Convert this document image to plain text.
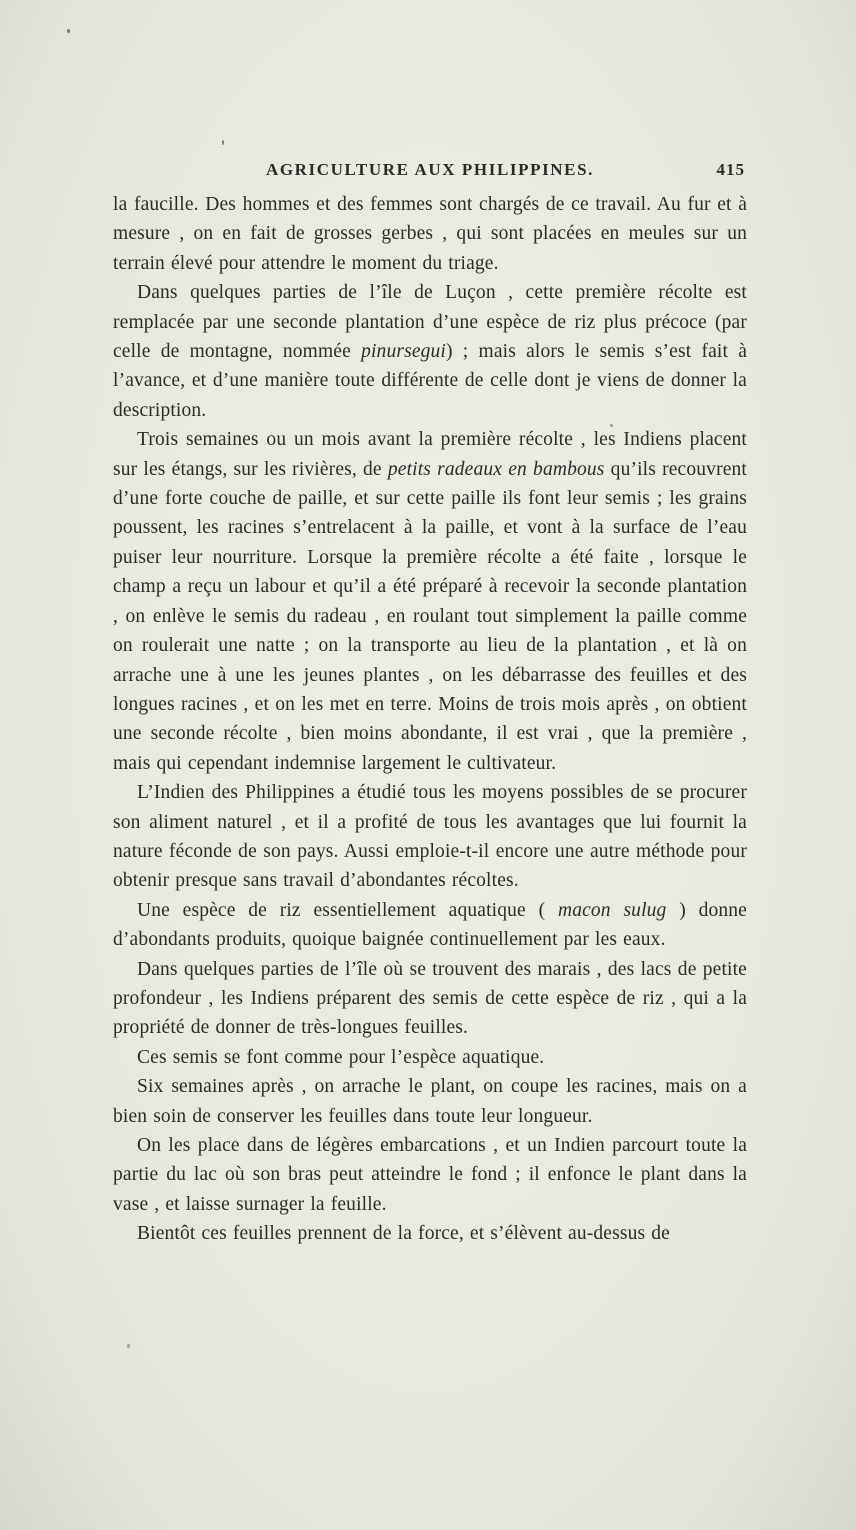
AGRICULTURE AUX PHILIPPINES.	415

la faucille. Des hommes et des femmes sont chargés de ce travail. Au fur et à mesure , on en fait de grosses gerbes , qui sont placées en meules sur un terrain élevé pour attendre le moment du triage.

Dans quelques parties de l’île de Luçon , cette première récolte est remplacée par une seconde plantation d’une espèce de riz plus précoce (par celle de montagne, nommée pinursegui) ; mais alors le semis s’est fait à l’avance, et d’une manière toute différente de celle dont je viens de donner la description.

Trois semaines ou un mois avant la première récolte , les Indiens placent sur les étangs, sur les rivières, de petits radeaux en bambous qu’ils recouvrent d’une forte couche de paille, et sur cette paille ils font leur semis ; les grains poussent, les racines s’entrelacent à la paille, et vont à la surface de l’eau puiser leur nourriture. Lorsque la première récolte a été faite , lorsque le champ a reçu un labour et qu’il a été préparé à recevoir la seconde plantation , on enlève le semis du radeau , en roulant tout simplement la paille comme on roulerait une natte ; on la transporte au lieu de la plantation , et là on arrache une à une les jeunes plantes , on les débarrasse des feuilles et des longues racines , et on les met en terre. Moins de trois mois après , on obtient une seconde récolte , bien moins abondante, il est vrai , que la première , mais qui cependant indemnise largement le cultivateur.

L’Indien des Philippines a étudié tous les moyens possibles de se procurer son aliment naturel , et il a profité de tous les avantages que lui fournit la nature féconde de son pays. Aussi emploie-t-il encore une autre méthode pour obtenir presque sans travail d’abondantes récoltes.

Une espèce de riz essentiellement aquatique ( macon sulug ) donne d’abondants produits, quoique baignée continuellement par les eaux.

Dans quelques parties de l’île où se trouvent des marais , des lacs de petite profondeur , les Indiens préparent des semis de cette espèce de riz , qui a la propriété de donner de très-longues feuilles.

Ces semis se font comme pour l’espèce aquatique.

Six semaines après , on arrache le plant, on coupe les racines, mais on a bien soin de conserver les feuilles dans toute leur longueur.

On les place dans de légères embarcations , et un Indien parcourt toute la partie du lac où son bras peut atteindre le fond ; il enfonce le plant dans la vase , et laisse surnager la feuille.

Bientôt ces feuilles prennent de la force, et s’élèvent au-dessus de
